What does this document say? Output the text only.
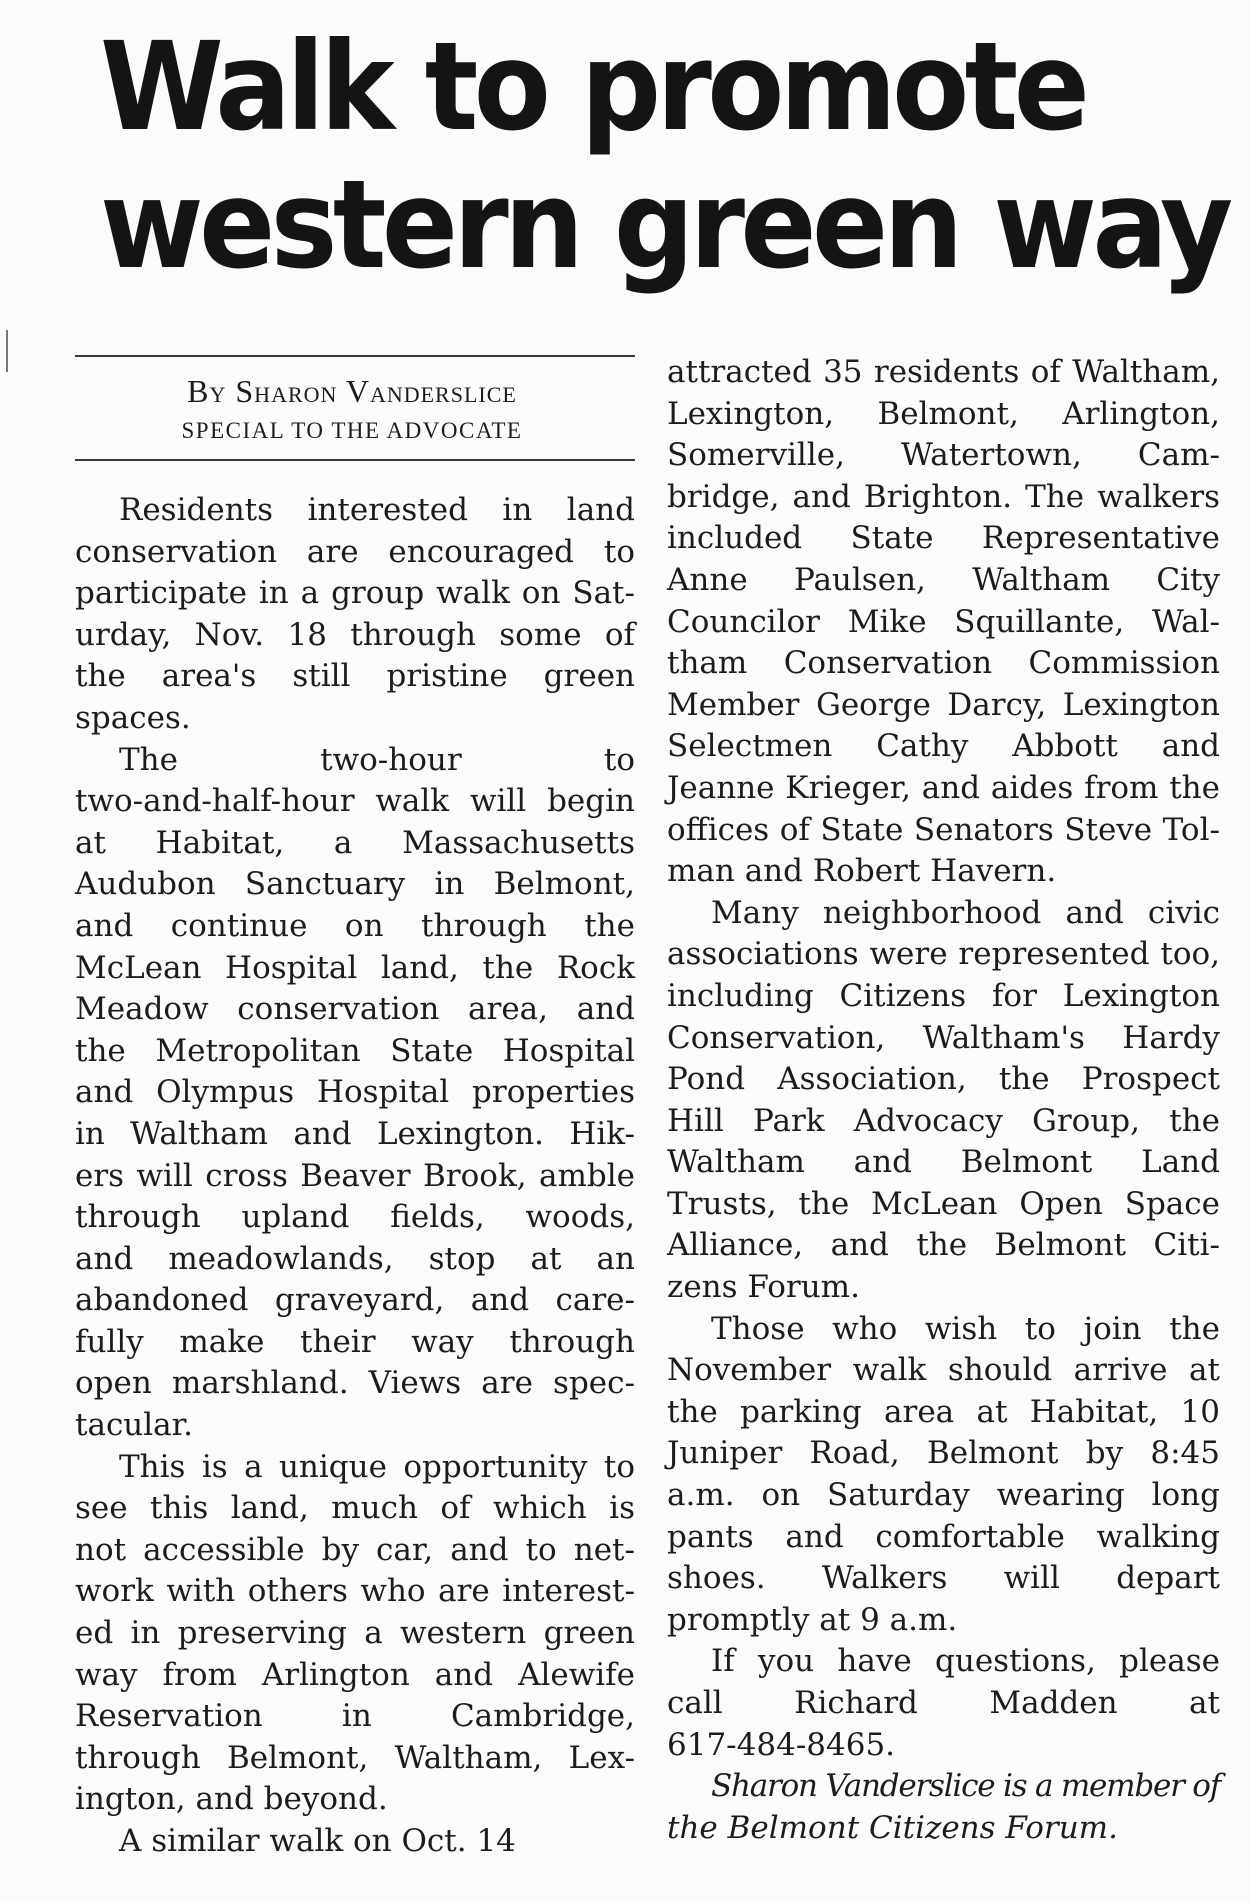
Walk to promote
western green way
By Sharon Vanderslice
SPECIAL TO THE ADVOCATE

Residents interested in land
conservation are encouraged to
participate in a group walk on Sat-
urday, Nov. 18 through some of
the area's still pristine green
spaces.

The two-hour to
two-and-half-hour walk will begin
at Habitat, a Massachusetts
Audubon Sanctuary in Belmont,
and continue on through the
McLean Hospital land, the Rock
Meadow conservation area, and
the Metropolitan State Hospital
and Olympus Hospital properties
in Waltham and Lexington. Hik-
ers will cross Beaver Brook, amble
through upland fields, woods,
and meadowlands, stop at an
abandoned graveyard, and care-
fully make their way through
open marshland. Views are spec-
tacular.

This is a unique opportunity to
see this land, much of which is
not accessible by car, and to net-
work with others who are interest-
ed in preserving a western green
way from Arlington and Alewife
Reservation in Cambridge,
through Belmont, Waltham, Lex-
ington, and beyond.

A similar walk on Oct. 14

attracted 35 residents of Waltham,
Lexington, Belmont, Arlington,
Somerville, Watertown, Cam-
bridge, and Brighton. The walkers
included State Representative
Anne Paulsen, Waltham City
Councilor Mike Squillante, Wal-
tham Conservation Commission
Member George Darcy, Lexington
Selectmen Cathy Abbott and
Jeanne Krieger, and aides from the
offices of State Senators Steve Tol-
man and Robert Havern.

Many neighborhood and civic
associations were represented too,
including Citizens for Lexington
Conservation, Waltham's Hardy
Pond Association, the Prospect
Hill Park Advocacy Group, the
Waltham and Belmont Land
Trusts, the McLean Open Space
Alliance, and the Belmont Citi-
zens Forum.

Those who wish to join the
November walk should arrive at
the parking area at Habitat, 10
Juniper Road, Belmont by 8:45
a.m. on Saturday wearing long
pants and comfortable walking
shoes. Walkers will depart
promptly at 9 a.m.

If you have questions, please
call Richard Madden at
617-484-8465.

Sharon Vanderslice is a member of
the Belmont Citizens Forum.
